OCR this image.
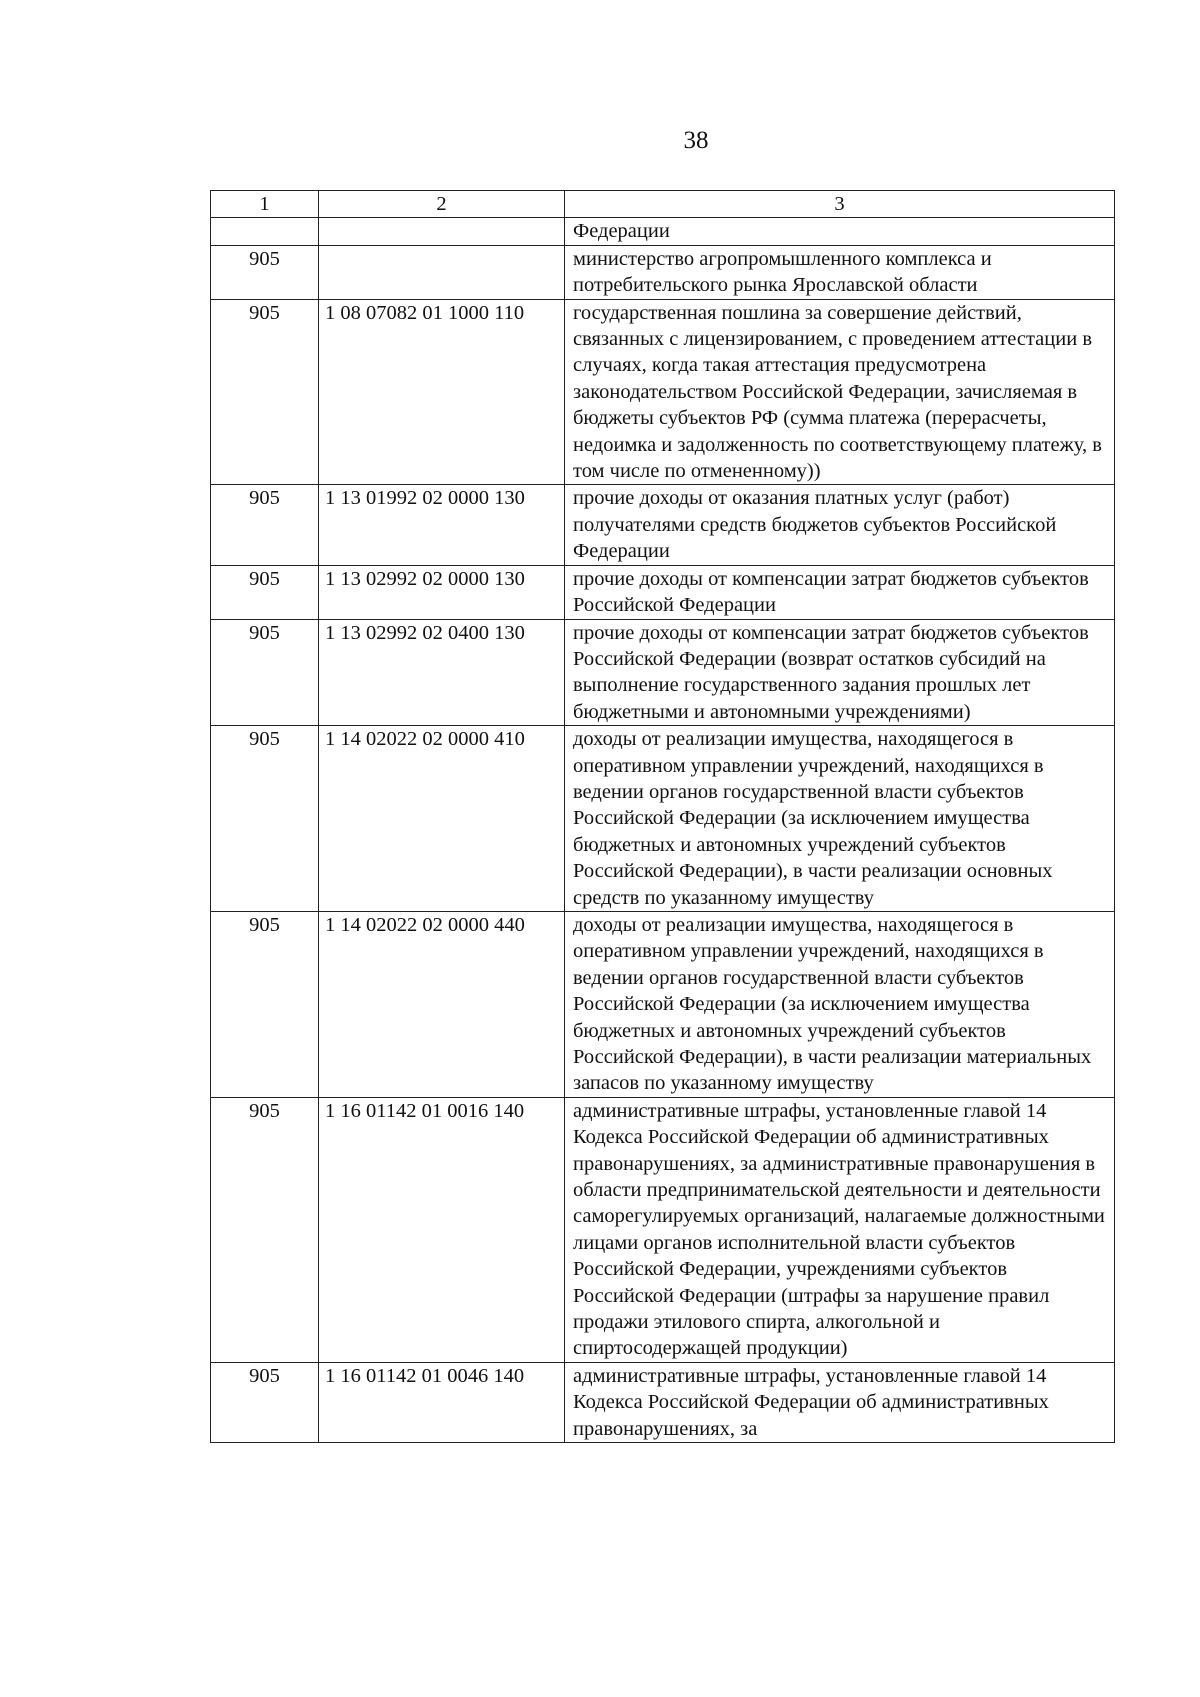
38
1	2	3
		Федерации
905		министерство агропромышленного комплекса и потребительского рынка Ярославской области
905	1 08 07082 01 1000 110	государственная пошлина за совершение действий, связанных с лицензированием, с проведением аттестации в случаях, когда такая аттестация предусмотрена законодательством Российской Федерации, зачисляемая в бюджеты субъектов РФ (сумма платежа (перерасчеты, недоимка и задолженность по соответствующему платежу, в том числе по отмененному))
905	1 13 01992 02 0000 130	прочие доходы от оказания платных услуг (работ) получателями средств бюджетов субъектов Российской Федерации
905	1 13 02992 02 0000 130	прочие доходы от компенсации затрат бюджетов субъектов Российской Федерации
905	1 13 02992 02 0400 130	прочие доходы от компенсации затрат бюджетов субъектов Российской Федерации (возврат остатков субсидий на выполнение государственного задания прошлых лет бюджетными и автономными учреждениями)
905	1 14 02022 02 0000 410	доходы от реализации имущества, находящегося в оперативном управлении учреждений, находящихся в ведении органов государственной власти субъектов Российской Федерации (за исключением имущества бюджетных и автономных учреждений субъектов Российской Федерации), в части реализации основных средств по указанному имуществу
905	1 14 02022 02 0000 440	доходы от реализации имущества, находящегося в оперативном управлении учреждений, находящихся в ведении органов государственной власти субъектов Российской Федерации (за исключением имущества бюджетных и автономных учреждений субъектов Российской Федерации), в части реализации материальных запасов по указанному имуществу
905	1 16 01142 01 0016 140	административные штрафы, установленные главой 14 Кодекса Российской Федерации об административных правонарушениях, за административные правонарушения в области предпринимательской деятельности и деятельности саморегулируемых организаций, налагаемые должностными лицами органов исполнительной власти субъектов Российской Федерации, учреждениями субъектов Российской Федерации (штрафы за нарушение правил продажи этилового спирта, алкогольной и спиртосодержащей продукции)
905	1 16 01142 01 0046 140	административные штрафы, установленные главой 14 Кодекса Российской Федерации об административных правонарушениях, за
